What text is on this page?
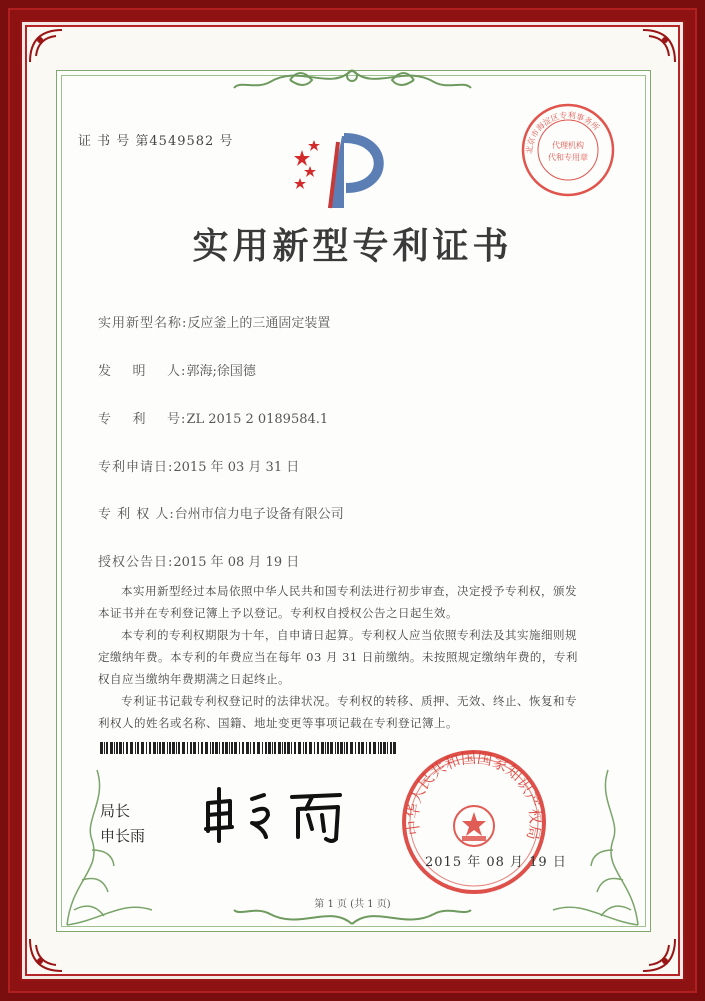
证 书 号 第4549582 号
北京市海淀区专利事务所
代理机构
代和专用章
实用新型专利证书
实用新型名称:反应釜上的三通固定装置
发    明    人:郭海;徐国德
专    利    号:ZL 2015 2 0189584.1
专利申请日:2015 年 03 月 31 日
专 利 权 人:台州市信力电子设备有限公司
授权公告日:2015 年 08 月 19 日
本实用新型经过本局依照中华人民共和国专利法进行初步审查，决定授予专利权，颁发本证书并在专利登记簿上予以登记。专利权自授权公告之日起生效。
本专利的专利权期限为十年，自申请日起算。专利权人应当依照专利法及其实施细则规定缴纳年费。本专利的年费应当在每年 03 月 31 日前缴纳。未按照规定缴纳年费的，专利权自应当缴纳年费期满之日起终止。
专利证书记载专利权登记时的法律状况。专利权的转移、质押、无效、终止、恢复和专利权人的姓名或名称、国籍、地址变更等事项记载在专利登记簿上。
局长
申长雨	中华人民共和国国家知识产权局
2015 年 08 月 19 日
第 1 页 (共 1 页)
